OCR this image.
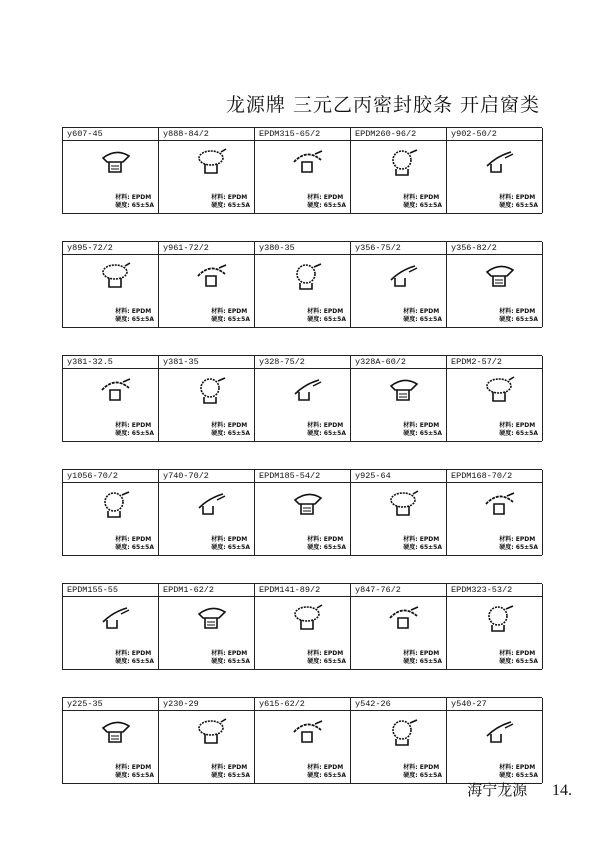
龙源牌 三元乙丙密封胶条 开启窗类
y607-45
材料: EPDM
硬度: 65±5A
y888-84/2
材料: EPDM
硬度: 65±5A
EPDM315-65/2
材料: EPDM
硬度: 65±5A
EPDM260-96/2
材料: EPDM
硬度: 65±5A
y902-50/2
材料: EPDM
硬度: 65±5A
y895-72/2
材料: EPDM
硬度: 65±5A
y961-72/2
材料: EPDM
硬度: 65±5A
y380-35
材料: EPDM
硬度: 65±5A
y356-75/2
材料: EPDM
硬度: 65±5A
y356-82/2
材料: EPDM
硬度: 65±5A
y381-32.5
材料: EPDM
硬度: 65±5A
y381-35
材料: EPDM
硬度: 65±5A
y328-75/2
材料: EPDM
硬度: 65±5A
y328A-60/2
材料: EPDM
硬度: 65±5A
EPDM2-57/2
材料: EPDM
硬度: 65±5A
y1056-70/2
材料: EPDM
硬度: 65±5A
y740-70/2
材料: EPDM
硬度: 65±5A
EPDM185-54/2
材料: EPDM
硬度: 65±5A
y925-64
材料: EPDM
硬度: 65±5A
EPDM168-70/2
材料: EPDM
硬度: 65±5A
EPDM155-55
材料: EPDM
硬度: 65±5A
EPDM1-62/2
材料: EPDM
硬度: 65±5A
EPDM141-89/2
材料: EPDM
硬度: 65±5A
y847-76/2
材料: EPDM
硬度: 65±5A
EPDM323-53/2
材料: EPDM
硬度: 65±5A
y225-35
材料: EPDM
硬度: 65±5A
y230-29
材料: EPDM
硬度: 65±5A
y615-62/2
材料: EPDM
硬度: 65±5A
y542-26
材料: EPDM
硬度: 65±5A
y540-27
材料: EPDM
硬度: 65±5A
海宁龙源 14.
